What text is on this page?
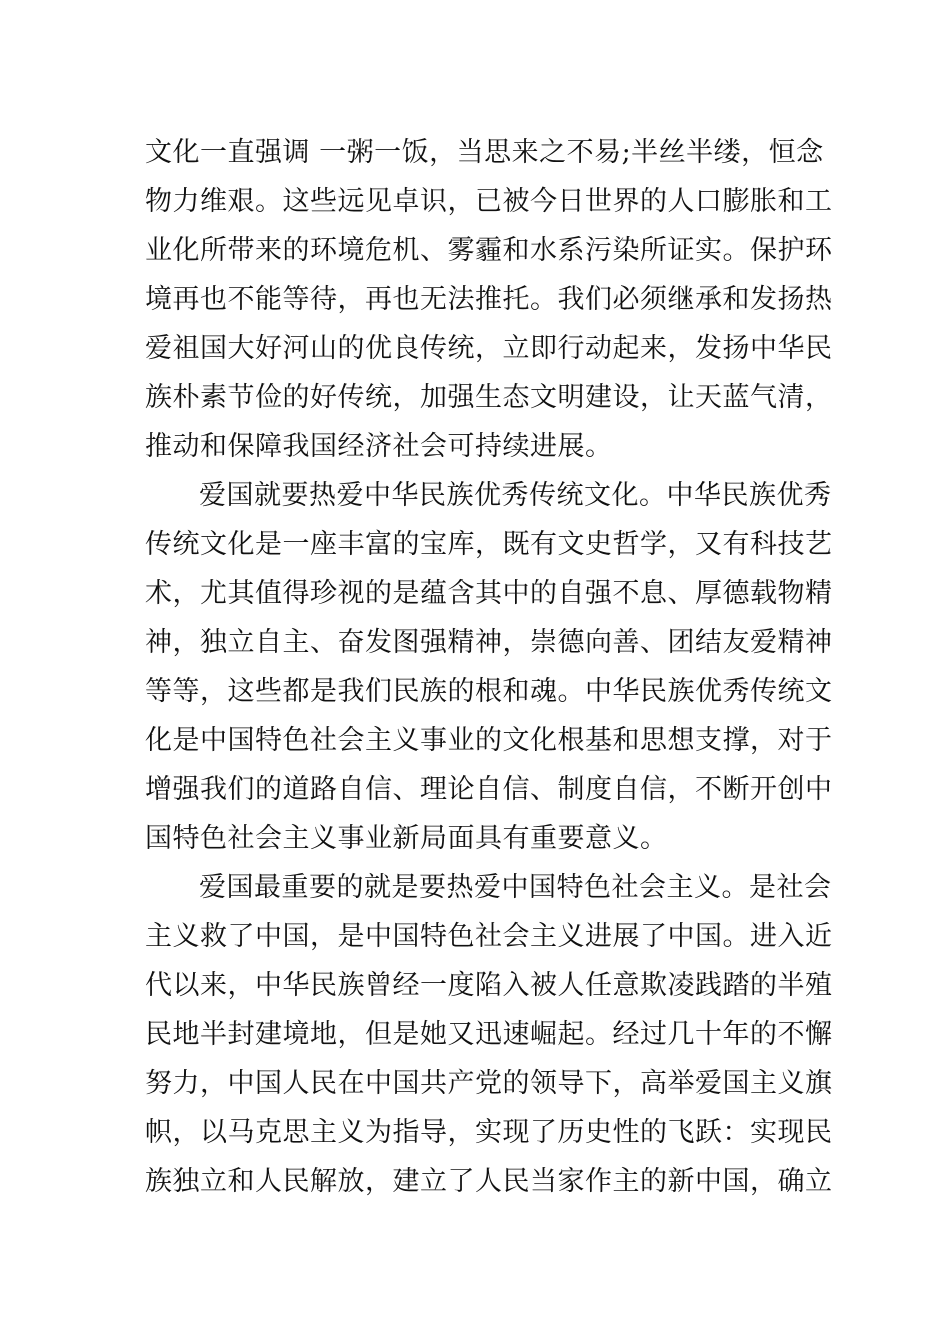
文化一直强调 一粥一饭，当思来之不易;半丝半缕，恒念
物力维艰。这些远见卓识，已被今日世界的人口膨胀和工
业化所带来的环境危机、雾霾和水系污染所证实。保护环
境再也不能等待，再也无法推托。我们必须继承和发扬热
爱祖国大好河山的优良传统，立即行动起来，发扬中华民
族朴素节俭的好传统，加强生态文明建设，让天蓝气清，
推动和保障我国经济社会可持续进展。
爱国就要热爱中华民族优秀传统文化。中华民族优秀
传统文化是一座丰富的宝库，既有文史哲学，又有科技艺
术，尤其值得珍视的是蕴含其中的自强不息、厚德载物精
神，独立自主、奋发图强精神，崇德向善、团结友爱精神
等等，这些都是我们民族的根和魂。中华民族优秀传统文
化是中国特色社会主义事业的文化根基和思想支撑，对于
增强我们的道路自信、理论自信、制度自信，不断开创中
国特色社会主义事业新局面具有重要意义。
爱国最重要的就是要热爱中国特色社会主义。是社会
主义救了中国，是中国特色社会主义进展了中国。进入近
代以来，中华民族曾经一度陷入被人任意欺凌践踏的半殖
民地半封建境地，但是她又迅速崛起。经过几十年的不懈
努力，中国人民在中国共产党的领导下，高举爱国主义旗
帜，以马克思主义为指导，实现了历史性的飞跃：实现民
族独立和人民解放，建立了人民当家作主的新中国，确立
